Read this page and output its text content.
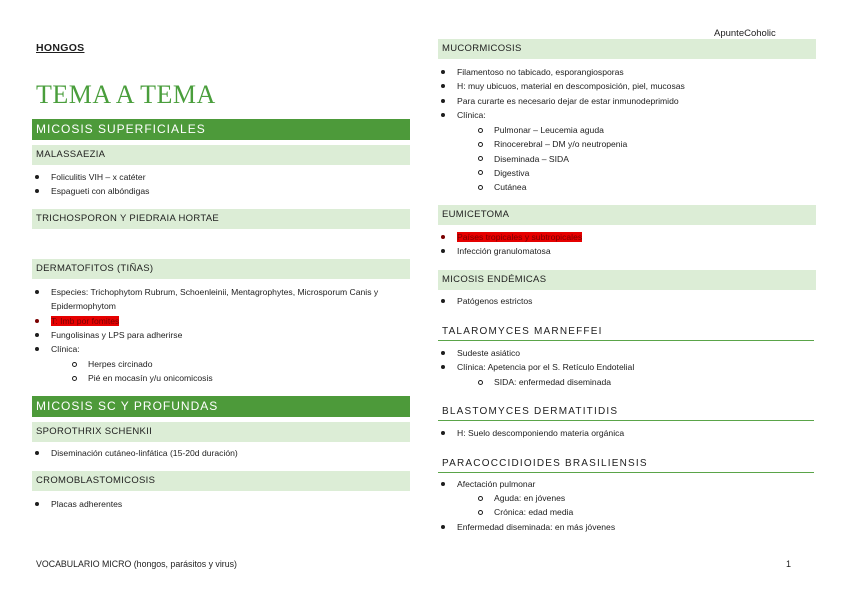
ApunteCoholic
HONGOS
TEMA A TEMA
MICOSIS SUPERFICIALES
MALASSAEZIA
Foliculitis VIH – x catéter
Espagueti con albóndigas
TRICHOSPORON Y PIEDRAIA HORTAE
DERMATOFITOS (TIÑAS)
Especies: Trichophytom Rubrum, Schoenleinii, Mentagrophytes, Microsporum Canis y
Epidermophytom
T: Imb por fomites
Fungolisinas y LPS para adherirse
Clínica:
Herpes circinado
Pié en mocasín y/u onicomicosis
MICOSIS SC Y PROFUNDAS
SPOROTHRIX SCHENKII
Diseminación cutáneo-linfática (15-20d duración)
CROMOBLASTOMICOSIS
Placas adherentes
MUCORMICOSIS
Filamentoso no tabicado, esporangiosporas
H: muy ubicuos, material en descomposición, piel, mucosas
Para curarte es necesario dejar de estar inmunodeprimido
Clínica:
Pulmonar – Leucemia aguda
Rinocerebral – DM y/o neutropenia
Diseminada – SIDA
Digestiva
Cutánea
EUMICETOMA
Países tropicales y subtropicales
Infección granulomatosa
MICOSIS ENDÉMICAS
Patógenos estrictos
TALAROMYCES MARNEFFEI
Sudeste asiático
Clínica: Apetencia por el S. Retículo Endotelial
SIDA: enfermedad diseminada
BLASTOMYCES DERMATITIDIS
H: Suelo descomponiendo materia orgánica
PARACOCCIDIOIDES BRASILIENSIS
Afectación pulmonar
Aguda: en jóvenes
Crónica: edad media
Enfermedad diseminada: en más jóvenes
VOCABULARIO MICRO (hongos, parásitos y virus)	1
